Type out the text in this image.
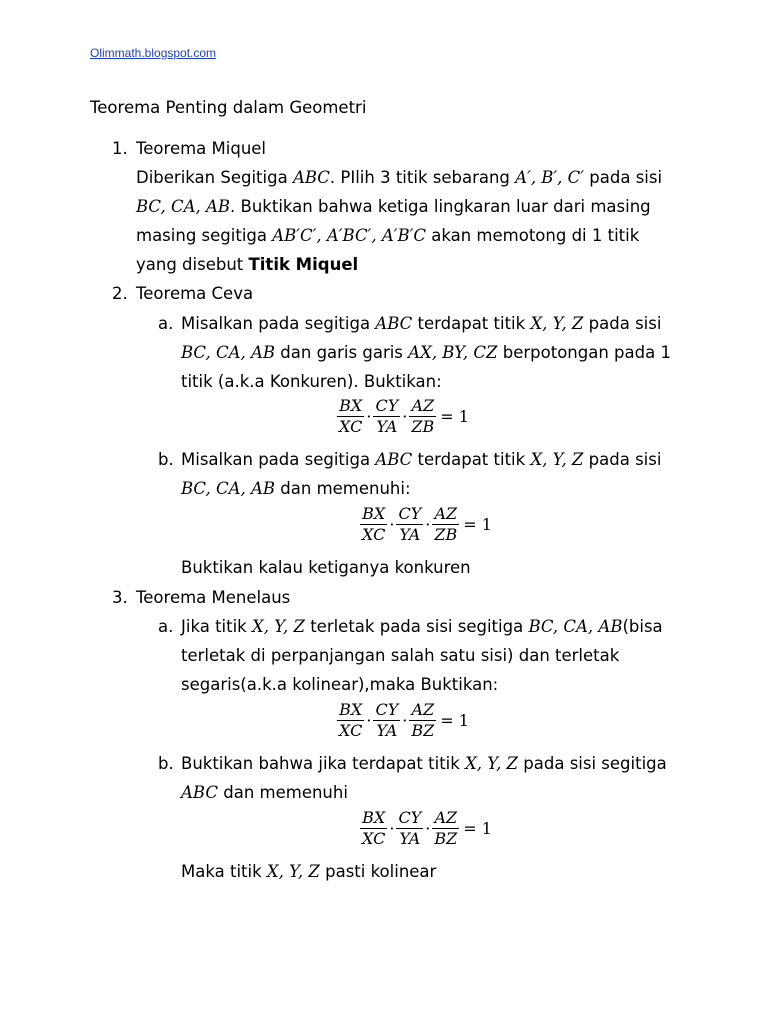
Olimmath.blogspot.com
Teorema Penting dalam Geometri
1. Teorema Miquel
Diberikan Segitiga ABC. PIlih 3 titik sebarang A′, B′, C′ pada sisi
BC, CA, AB. Buktikan bahwa ketiga lingkaran luar dari masing
masing segitiga AB′C′, A′BC′, A′B′C akan memotong di 1 titik
yang disebut Titik Miquel
2. Teorema Ceva
a. Misalkan pada segitiga ABC terdapat titik X, Y, Z pada sisi
BC, CA, AB dan garis garis AX, BY, CZ berpotongan pada 1
titik (a.k.a Konkuren). Buktikan:
$\frac{BX}{XC} \cdot \frac{CY}{YA} \cdot \frac{AZ}{ZB} = 1$
b. Misalkan pada segitiga ABC terdapat titik X, Y, Z pada sisi
BC, CA, AB dan memenuhi:
$\frac{BX}{XC} \cdot \frac{CY}{YA} \cdot \frac{AZ}{ZB} = 1$
Buktikan kalau ketiganya konkuren
3. Teorema Menelaus
a. Jika titik X, Y, Z terletak pada sisi segitiga BC, CA, AB(bisa
terletak di perpanjangan salah satu sisi) dan terletak
segaris(a.k.a kolinear),maka Buktikan:
$\frac{BX}{XC} \cdot \frac{CY}{YA} \cdot \frac{AZ}{BZ} = 1$
b. Buktikan bahwa jika terdapat titik X, Y, Z pada sisi segitiga
ABC dan memenuhi
$\frac{BX}{XC} \cdot \frac{CY}{YA} \cdot \frac{AZ}{BZ} = 1$
Maka titik X, Y, Z pasti kolinear
